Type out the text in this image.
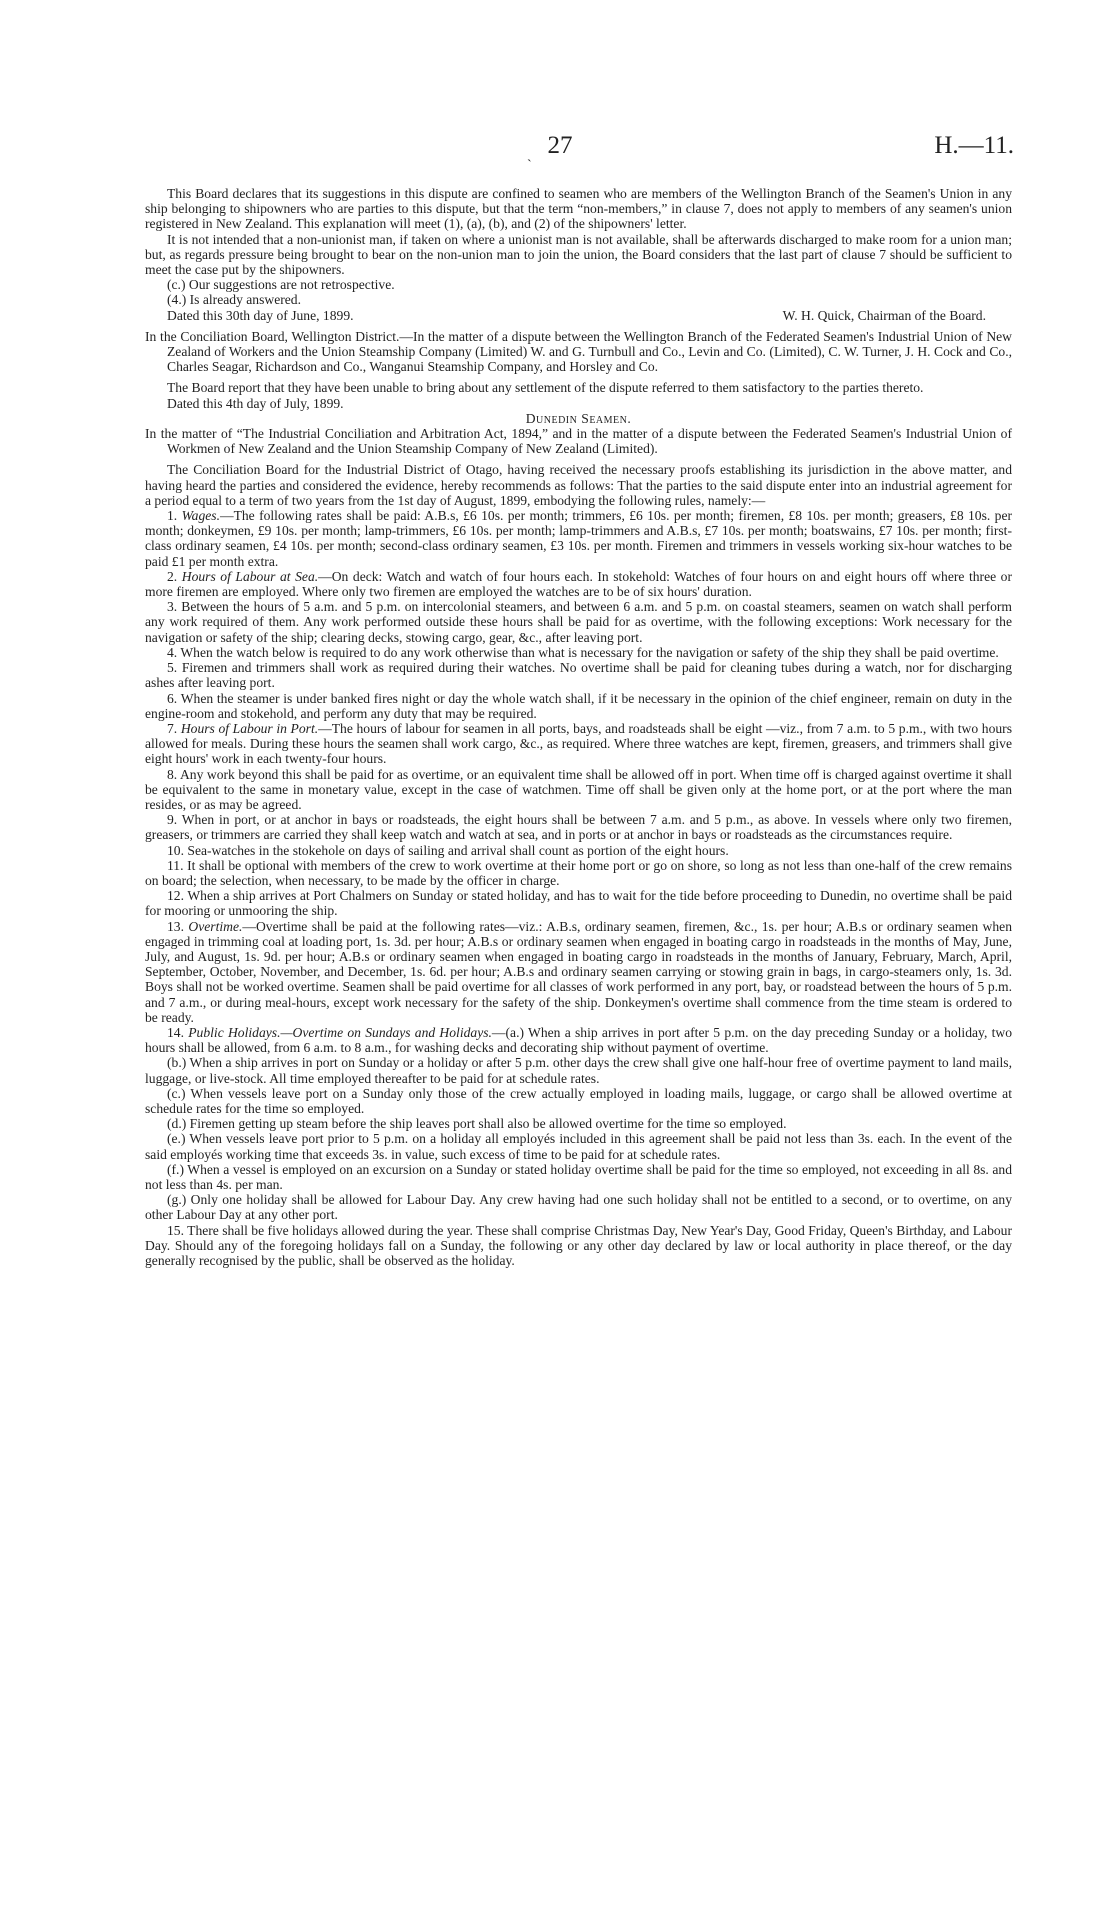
27	H.—11.
`

This Board declares that its suggestions in this dispute are confined to seamen who are members of the Wellington Branch of the Seamen's Union in any ship belonging to shipowners who are parties to this dispute, but that the term “non-members,” in clause 7, does not apply to members of any seamen's union registered in New Zealand. This explanation will meet (1), (a), (b), and (2) of the shipowners' letter.

It is not intended that a non-unionist man, if taken on where a unionist man is not available, shall be afterwards discharged to make room for a union man; but, as regards pressure being brought to bear on the non-union man to join the union, the Board considers that the last part of clause 7 should be sufficient to meet the case put by the shipowners.

(c.) Our suggestions are not retrospective.

(4.) Is already answered.

Dated this 30th day of June, 1899.	W. H. Quick, Chairman of the Board.

In the Conciliation Board, Wellington District.—In the matter of a dispute between the Wellington Branch of the Federated Seamen's Industrial Union of New Zealand of Workers and the Union Steamship Company (Limited) W. and G. Turnbull and Co., Levin and Co. (Limited), C. W. Turner, J. H. Cock and Co., Charles Seagar, Richardson and Co., Wanganui Steamship Company, and Horsley and Co.

The Board report that they have been unable to bring about any settlement of the dispute referred to them satisfactory to the parties thereto.

Dated this 4th day of July, 1899.

Dunedin Seamen.

In the matter of “The Industrial Conciliation and Arbitration Act, 1894,” and in the matter of a dispute between the Federated Seamen's Industrial Union of Workmen of New Zealand and the Union Steamship Company of New Zealand (Limited).

The Conciliation Board for the Industrial District of Otago, having received the necessary proofs establishing its jurisdiction in the above matter, and having heard the parties and considered the evidence, hereby recommends as follows: That the parties to the said dispute enter into an industrial agreement for a period equal to a term of two years from the 1st day of August, 1899, embodying the following rules, namely:—

1. Wages.—The following rates shall be paid: A.B.s, £6 10s. per month; trimmers, £6 10s. per month; firemen, £8 10s. per month; greasers, £8 10s. per month; donkeymen, £9 10s. per month; lamp-trimmers, £6 10s. per month; lamp-trimmers and A.B.s, £7 10s. per month; boatswains, £7 10s. per month; first-class ordinary seamen, £4 10s. per month; second-class ordinary seamen, £3 10s. per month. Firemen and trimmers in vessels working six-hour watches to be paid £1 per month extra.

2. Hours of Labour at Sea.—On deck: Watch and watch of four hours each. In stokehold: Watches of four hours on and eight hours off where three or more firemen are employed. Where only two firemen are employed the watches are to be of six hours' duration.

3. Between the hours of 5 a.m. and 5 p.m. on intercolonial steamers, and between 6 a.m. and 5 p.m. on coastal steamers, seamen on watch shall perform any work required of them. Any work performed outside these hours shall be paid for as overtime, with the following exceptions: Work necessary for the navigation or safety of the ship; clearing decks, stowing cargo, gear, &c., after leaving port.

4. When the watch below is required to do any work otherwise than what is necessary for the navigation or safety of the ship they shall be paid overtime.

5. Firemen and trimmers shall work as required during their watches. No overtime shall be paid for cleaning tubes during a watch, nor for discharging ashes after leaving port.

6. When the steamer is under banked fires night or day the whole watch shall, if it be necessary in the opinion of the chief engineer, remain on duty in the engine-room and stokehold, and perform any duty that may be required.

7. Hours of Labour in Port.—The hours of labour for seamen in all ports, bays, and roadsteads shall be eight —viz., from 7 a.m. to 5 p.m., with two hours allowed for meals. During these hours the seamen shall work cargo, &c., as required. Where three watches are kept, firemen, greasers, and trimmers shall give eight hours' work in each twenty-four hours.

8. Any work beyond this shall be paid for as overtime, or an equivalent time shall be allowed off in port. When time off is charged against overtime it shall be equivalent to the same in monetary value, except in the case of watchmen. Time off shall be given only at the home port, or at the port where the man resides, or as may be agreed.

9. When in port, or at anchor in bays or roadsteads, the eight hours shall be between 7 a.m. and 5 p.m., as above. In vessels where only two firemen, greasers, or trimmers are carried they shall keep watch and watch at sea, and in ports or at anchor in bays or roadsteads as the circumstances require.

10. Sea-watches in the stokehole on days of sailing and arrival shall count as portion of the eight hours.

11. It shall be optional with members of the crew to work overtime at their home port or go on shore, so long as not less than one-half of the crew remains on board; the selection, when necessary, to be made by the officer in charge.

12. When a ship arrives at Port Chalmers on Sunday or stated holiday, and has to wait for the tide before proceeding to Dunedin, no overtime shall be paid for mooring or unmooring the ship.

13. Overtime.—Overtime shall be paid at the following rates—viz.: A.B.s, ordinary seamen, firemen, &c., 1s. per hour; A.B.s or ordinary seamen when engaged in trimming coal at loading port, 1s. 3d. per hour; A.B.s or ordinary seamen when engaged in boating cargo in roadsteads in the months of May, June, July, and August, 1s. 9d. per hour; A.B.s or ordinary seamen when engaged in boating cargo in roadsteads in the months of January, February, March, April, September, October, November, and December, 1s. 6d. per hour; A.B.s and ordinary seamen carrying or stowing grain in bags, in cargo-steamers only, 1s. 3d. Boys shall not be worked overtime. Seamen shall be paid overtime for all classes of work performed in any port, bay, or roadstead between the hours of 5 p.m. and 7 a.m., or during meal-hours, except work necessary for the safety of the ship. Donkeymen's overtime shall commence from the time steam is ordered to be ready.

14. Public Holidays.—Overtime on Sundays and Holidays.—(a.) When a ship arrives in port after 5 p.m. on the day preceding Sunday or a holiday, two hours shall be allowed, from 6 a.m. to 8 a.m., for washing decks and decorating ship without payment of overtime.

(b.) When a ship arrives in port on Sunday or a holiday or after 5 p.m. other days the crew shall give one half-hour free of overtime payment to land mails, luggage, or live-stock. All time employed thereafter to be paid for at schedule rates.

(c.) When vessels leave port on a Sunday only those of the crew actually employed in loading mails, luggage, or cargo shall be allowed overtime at schedule rates for the time so employed.

(d.) Firemen getting up steam before the ship leaves port shall also be allowed overtime for the time so employed.

(e.) When vessels leave port prior to 5 p.m. on a holiday all employés included in this agreement shall be paid not less than 3s. each. In the event of the said employés working time that exceeds 3s. in value, such excess of time to be paid for at schedule rates.

(f.) When a vessel is employed on an excursion on a Sunday or stated holiday overtime shall be paid for the time so employed, not exceeding in all 8s. and not less than 4s. per man.

(g.) Only one holiday shall be allowed for Labour Day. Any crew having had one such holiday shall not be entitled to a second, or to overtime, on any other Labour Day at any other port.

15. There shall be five holidays allowed during the year. These shall comprise Christmas Day, New Year's Day, Good Friday, Queen's Birthday, and Labour Day. Should any of the foregoing holidays fall on a Sunday, the following or any other day declared by law or local authority in place thereof, or the day generally recognised by the public, shall be observed as the holiday.
